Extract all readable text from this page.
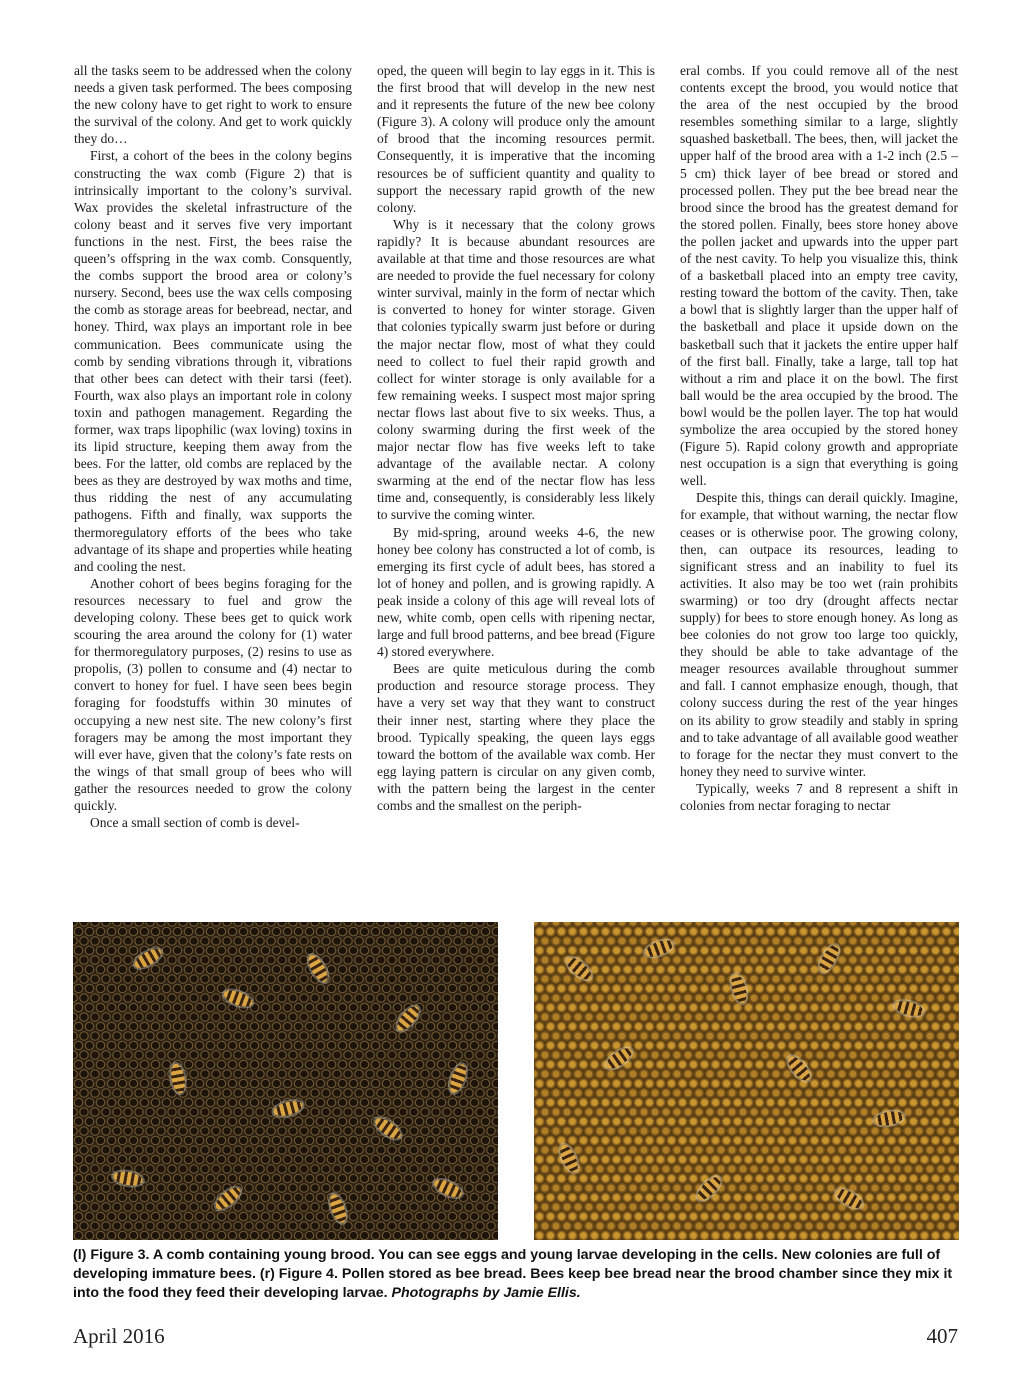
all the tasks seem to be addressed when the colony needs a given task performed. The bees composing the new colony have to get right to work to ensure the survival of the colony. And get to work quickly they do…

First, a cohort of the bees in the colony begins constructing the wax comb (Figure 2) that is intrinsically important to the colony’s survival. Wax provides the skeletal infrastructure of the colony beast and it serves five very important functions in the nest. First, the bees raise the queen’s offspring in the wax comb. Consquently, the combs support the brood area or colony’s nursery. Second, bees use the wax cells composing the comb as storage areas for beebread, nectar, and honey. Third, wax plays an important role in bee communication. Bees communicate using the comb by sending vibrations through it, vibrations that other bees can detect with their tarsi (feet). Fourth, wax also plays an important role in colony toxin and pathogen management. Regarding the former, wax traps lipophilic (wax loving) toxins in its lipid structure, keeping them away from the bees. For the latter, old combs are replaced by the bees as they are destroyed by wax moths and time, thus ridding the nest of any accumulating pathogens. Fifth and finally, wax supports the thermoregulatory efforts of the bees who take advantage of its shape and properties while heating and cooling the nest.

Another cohort of bees begins foraging for the resources necessary to fuel and grow the developing colony. These bees get to quick work scouring the area around the colony for (1) water for thermoregulatory purposes, (2) resins to use as propolis, (3) pollen to consume and (4) nectar to convert to honey for fuel. I have seen bees begin foraging for foodstuffs within 30 minutes of occupying a new nest site. The new colony’s first foragers may be among the most important they will ever have, given that the colony’s fate rests on the wings of that small group of bees who will gather the resources needed to grow the colony quickly.

Once a small section of comb is devel-

oped, the queen will begin to lay eggs in it. This is the first brood that will develop in the new nest and it represents the future of the new bee colony (Figure 3). A colony will produce only the amount of brood that the incoming resources permit. Consequently, it is imperative that the incoming resources be of sufficient quantity and quality to support the necessary rapid growth of the new colony.

Why is it necessary that the colony grows rapidly? It is because abundant resources are available at that time and those resources are what are needed to provide the fuel necessary for colony winter survival, mainly in the form of nectar which is converted to honey for winter storage. Given that colonies typically swarm just before or during the major nectar flow, most of what they could need to collect to fuel their rapid growth and collect for winter storage is only available for a few remaining weeks. I suspect most major spring nectar flows last about five to six weeks. Thus, a colony swarming during the first week of the major nectar flow has five weeks left to take advantage of the available nectar. A colony swarming at the end of the nectar flow has less time and, consequently, is considerably less likely to survive the coming winter.

By mid-spring, around weeks 4-6, the new honey bee colony has constructed a lot of comb, is emerging its first cycle of adult bees, has stored a lot of honey and pollen, and is growing rapidly. A peak inside a colony of this age will reveal lots of new, white comb, open cells with ripening nectar, large and full brood patterns, and bee bread (Figure 4) stored everywhere.

Bees are quite meticulous during the comb production and resource storage process. They have a very set way that they want to construct their inner nest, starting where they place the brood. Typically speaking, the queen lays eggs toward the bottom of the available wax comb. Her egg laying pattern is circular on any given comb, with the pattern being the largest in the center combs and the smallest on the periph-

eral combs. If you could remove all of the nest contents except the brood, you would notice that the area of the nest occupied by the brood resembles something similar to a large, slightly squashed basketball. The bees, then, will jacket the upper half of the brood area with a 1-2 inch (2.5 – 5 cm) thick layer of bee bread or stored and processed pollen. They put the bee bread near the brood since the brood has the greatest demand for the stored pollen. Finally, bees store honey above the pollen jacket and upwards into the upper part of the nest cavity. To help you visualize this, think of a basketball placed into an empty tree cavity, resting toward the bottom of the cavity. Then, take a bowl that is slightly larger than the upper half of the basketball and place it upside down on the basketball such that it jackets the entire upper half of the first ball. Finally, take a large, tall top hat without a rim and place it on the bowl. The first ball would be the area occupied by the brood. The bowl would be the pollen layer. The top hat would symbolize the area occupied by the stored honey (Figure 5). Rapid colony growth and appropriate nest occupation is a sign that everything is going well.

Despite this, things can derail quickly. Imagine, for example, that without warning, the nectar flow ceases or is otherwise poor. The growing colony, then, can outpace its resources, leading to significant stress and an inability to fuel its activities. It also may be too wet (rain prohibits swarming) or too dry (drought affects nectar supply) for bees to store enough honey. As long as bee colonies do not grow too large too quickly, they should be able to take advantage of the meager resources available throughout summer and fall. I cannot emphasize enough, though, that colony success during the rest of the year hinges on its ability to grow steadily and stably in spring and to take advantage of all available good weather to forage for the nectar they must convert to the honey they need to survive winter.

Typically, weeks 7 and 8 represent a shift in colonies from nectar foraging to nectar

(l) Figure 3. A comb containing young brood. You can see eggs and young larvae developing in the cells. New colonies are full of developing immature bees. (r) Figure 4. Pollen stored as bee bread. Bees keep bee bread near the brood chamber since they mix it into the food they feed their developing larvae. Photographs by Jamie Ellis.
April 2016	407
